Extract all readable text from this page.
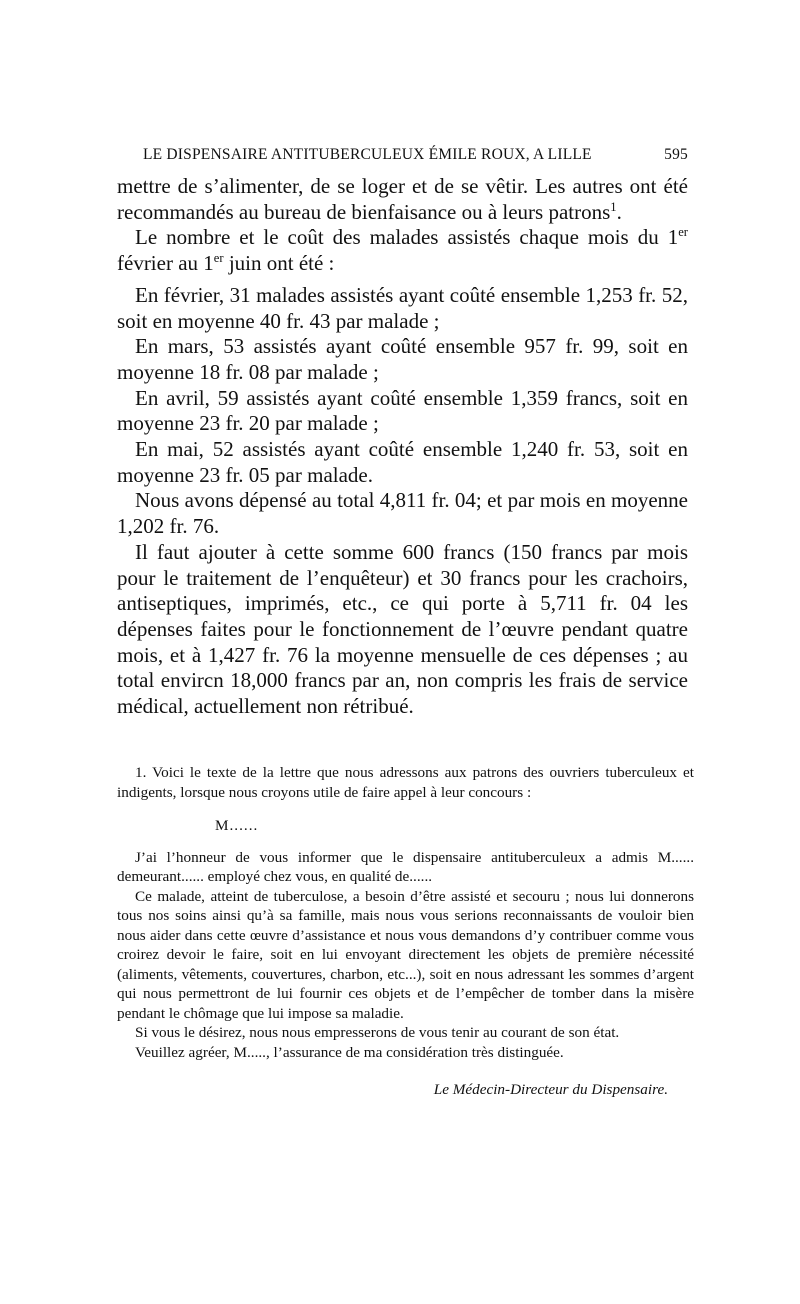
LE DISPENSAIRE ANTITUBERCULEUX ÉMILE ROUX, A LILLE	595

mettre de s’alimenter, de se loger et de se vêtir. Les autres ont été recommandés au bureau de bienfaisance ou à leurs patrons$^1$.

Le nombre et le coût des malades assistés chaque mois du 1er février au 1er juin ont été :

En février, 31 malades assistés ayant coûté ensemble 1,253 fr. 52, soit en moyenne 40 fr. 43 par malade ;

En mars, 53 assistés ayant coûté ensemble 957 fr. 99, soit en moyenne 18 fr. 08 par malade ;

En avril, 59 assistés ayant coûté ensemble 1,359 francs, soit en moyenne 23 fr. 20 par malade ;

En mai, 52 assistés ayant coûté ensemble 1,240 fr. 53, soit en moyenne 23 fr. 05 par malade.

Nous avons dépensé au total 4,811 fr. 04; et par mois en moyenne 1,202 fr. 76.

Il faut ajouter à cette somme 600 francs (150 francs par mois pour le traitement de l’enquêteur) et 30 francs pour les crachoirs, antiseptiques, imprimés, etc., ce qui porte à 5,711 fr. 04 les dépenses faites pour le fonctionnement de l’œuvre pendant quatre mois, et à 1,427 fr. 76 la moyenne mensuelle de ces dépenses ; au total envircn 18,000 francs par an, non compris les frais de service médical, actuellement non rétribué.

1. Voici le texte de la lettre que nous adressons aux patrons des ouvriers tuberculeux et indigents, lorsque nous croyons utile de faire appel à leur concours :

M......

J’ai l’honneur de vous informer que le dispensaire antituberculeux a admis M...... demeurant...... employé chez vous, en qualité de......

Ce malade, atteint de tuberculose, a besoin d’être assisté et secouru ; nous lui donnerons tous nos soins ainsi qu’à sa famille, mais nous vous serions reconnaissants de vouloir bien nous aider dans cette œuvre d’assistance et nous vous demandons d’y contribuer comme vous croirez devoir le faire, soit en lui envoyant directement les objets de première nécessité (aliments, vêtements, couvertures, charbon, etc...), soit en nous adressant les sommes d’argent qui nous permettront de lui fournir ces objets et de l’empêcher de tomber dans la misère pendant le chômage que lui impose sa maladie.

Si vous le désirez, nous nous empresserons de vous tenir au courant de son état.

Veuillez agréer, M....., l’assurance de ma considération très distinguée.

Le Médecin-Directeur du Dispensaire.
